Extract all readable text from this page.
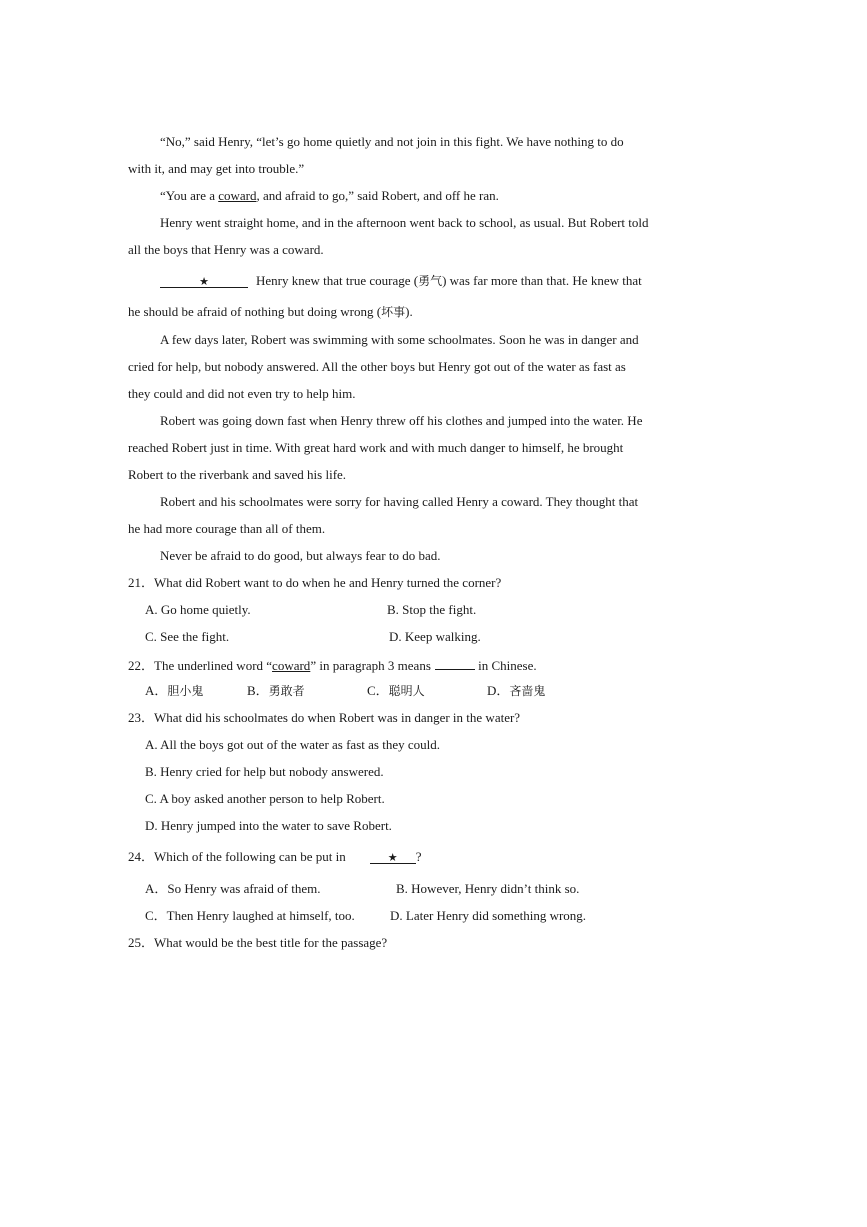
“No,” said Henry, “let’s go home quietly and not join in this fight. We have nothing to do
with it, and may get into trouble.”
“You are a coward, and afraid to go,” said Robert, and off he ran.
Henry went straight home, and in the afternoon went back to school, as usual. But Robert told
all the boys that Henry was a coward.
★	Henry knew that true courage (勇气) was far more than that. He knew that
he should be afraid of nothing but doing wrong (坏事).
A few days later, Robert was swimming with some schoolmates. Soon he was in danger and
cried for help, but nobody answered. All the other boys but Henry got out of the water as fast as
they could and did not even try to help him.
Robert was going down fast when Henry threw off his clothes and jumped into the water. He
reached Robert just in time. With great hard work and with much danger to himself, he brought
Robert to the riverbank and saved his life.
Robert and his schoolmates were sorry for having called Henry a coward. They thought that
he had more courage than all of them.
Never be afraid to do good, but always fear to do bad.
21．What did Robert want to do when he and Henry turned the corner?
A. Go home quietly.	B. Stop the fight.
C. See the fight.	D. Keep walking.
22．The underlined word “coward” in paragraph 3 means	in Chinese.
A．胆小鬼	B．勇敢者	C．聪明人	D．吝啬鬼
23．What did his schoolmates do when Robert was in danger in the water?
A. All the boys got out of the water as fast as they could.
B. Henry cried for help but nobody answered.
C. A boy asked another person to help Robert.
D. Henry jumped into the water to save Robert.
24．Which of the following can be put in	★ ?
A．So Henry was afraid of them.	B. However, Henry didn’t think so.
C．Then Henry laughed at himself, too.	D. Later Henry did something wrong.
25．What would be the best title for the passage?
